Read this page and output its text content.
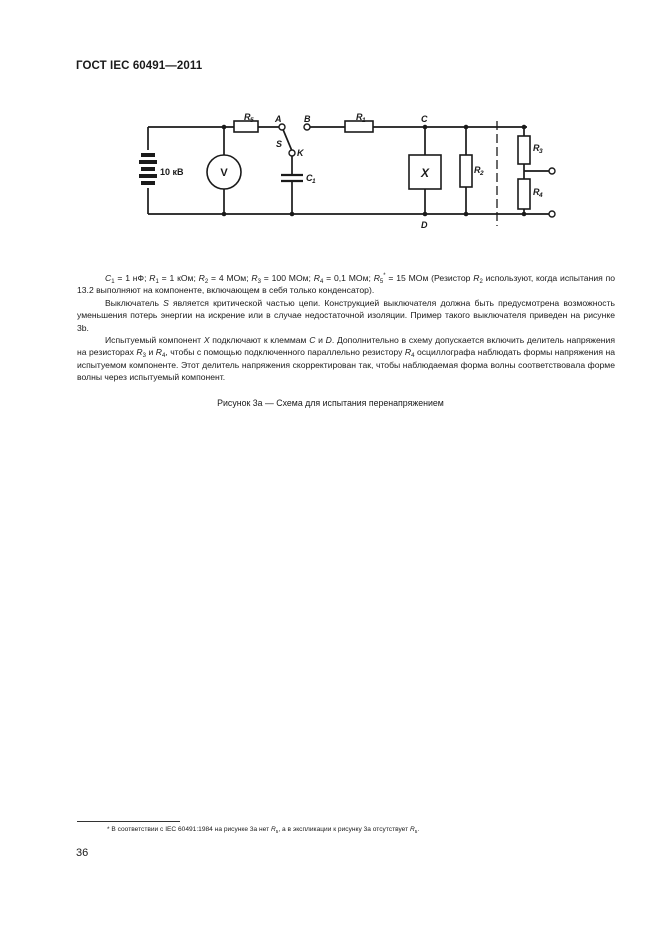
ГОСТ IEC 60491—2011
10 кВ	V	X
A	B	C
D
K
S
R 5	R 1
R 2
R 3
R 4
C 1

$C_1 = 1$ нФ; $R_1 = 1$ кОм; $R_2 = 4$ МОм; $R_3 = 100$ МОм; $R_4 = 0,1$ МОм; $R_5^* = 15$ МОм (Резистор $R_2$ используют, когда испытания по 13.2 выполняют на компоненте, включающем в себя только конденсатор).

Выключатель S является критической частью цепи. Конструкцией выключателя должна быть предусмотрена возможность уменьшения потерь энергии на искрение или в случае недостаточной изоляции. Пример такого выключателя приведен на рисунке 3b.

Испытуемый компонент X подключают к клеммам C и D. Дополнительно в схему допускается включить делитель напряжения на резисторах $R_3$ и $R_4$, чтобы с помощью подключенного параллельно резистору $R_4$ осциллографа наблюдать формы напряжения на испытуемом компоненте. Этот делитель напряжения скорректирован так, чтобы наблюдаемая форма волны соответствовала форме волны через испытуемый компонент.

Рисунок 3а — Схема для испытания перенапряжением
* В соответствии с IEC 60491:1984 на рисунке 3а нет $R_5$, а в экспликации к рисунку 3а отсутствует $R_5$.
36
